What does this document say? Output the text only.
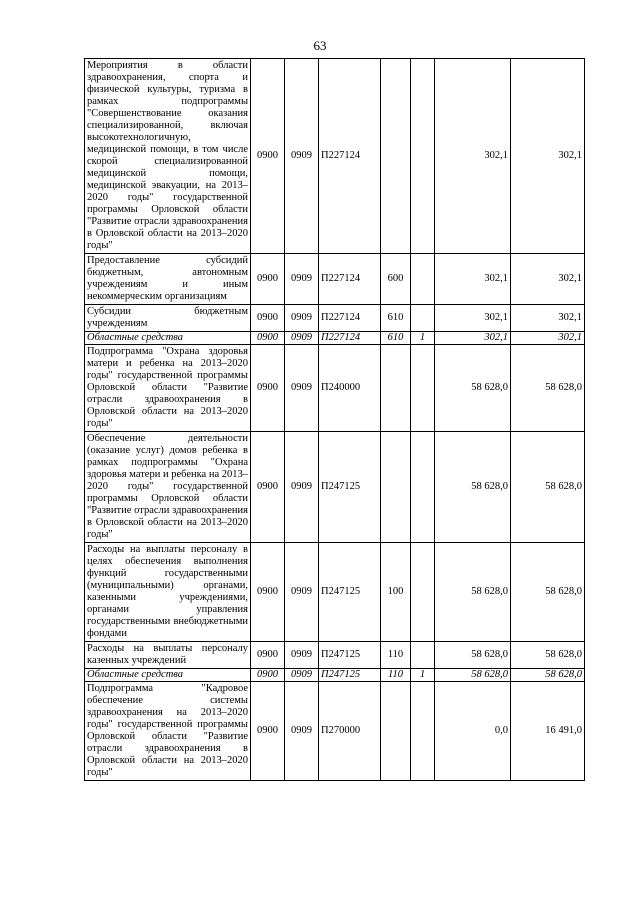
63
Мероприятия в области здравоохранения, спорта и физической культуры, туризма в рамках подпрограммы "Совершенствование оказания специализированной, включая высокотехнологичную, медицинской помощи, в том числе скорой специализированной медицинской помощи, медицинской эвакуации, на 2013–2020 годы" государственной программы Орловской области "Развитие отрасли здравоохранения в Орловской области на 2013–2020 годы"	0900	0909	П227124			302,1	302,1
Предоставление субсидий бюджетным, автономным учреждениям и иным некоммерческим организациям	0900	0909	П227124	600		302,1	302,1
Субсидии бюджетным учреждениям	0900	0909	П227124	610		302,1	302,1
Областные средства	0900	0909	П227124	610	1	302,1	302,1
Подпрограмма "Охрана здоровья матери и ребенка на 2013–2020 годы" государственной программы Орловской области "Развитие отрасли здравоохранения в Орловской области на 2013–2020 годы"	0900	0909	П240000			58 628,0	58 628,0
Обеспечение деятельности (оказание услуг) домов ребенка в рамках подпрограммы "Охрана здоровья матери и ребенка на 2013–2020 годы" государственной программы Орловской области "Развитие отрасли здравоохранения в Орловской области на 2013–2020 годы"	0900	0909	П247125			58 628,0	58 628,0
Расходы на выплаты персоналу в целях обеспечения выполнения функций государственными (муниципальными) органами, казенными учреждениями, органами управления государственными внебюджетными фондами	0900	0909	П247125	100		58 628,0	58 628,0
Расходы на выплаты персоналу казенных учреждений	0900	0909	П247125	110		58 628,0	58 628,0
Областные средства	0900	0909	П247125	110	1	58 628,0	58 628,0
Подпрограмма "Кадровое обеспечение системы здравоохранения на 2013–2020 годы" государственной программы Орловской области "Развитие отрасли здравоохранения в Орловской области на 2013–2020 годы"	0900	0909	П270000			0,0	16 491,0
